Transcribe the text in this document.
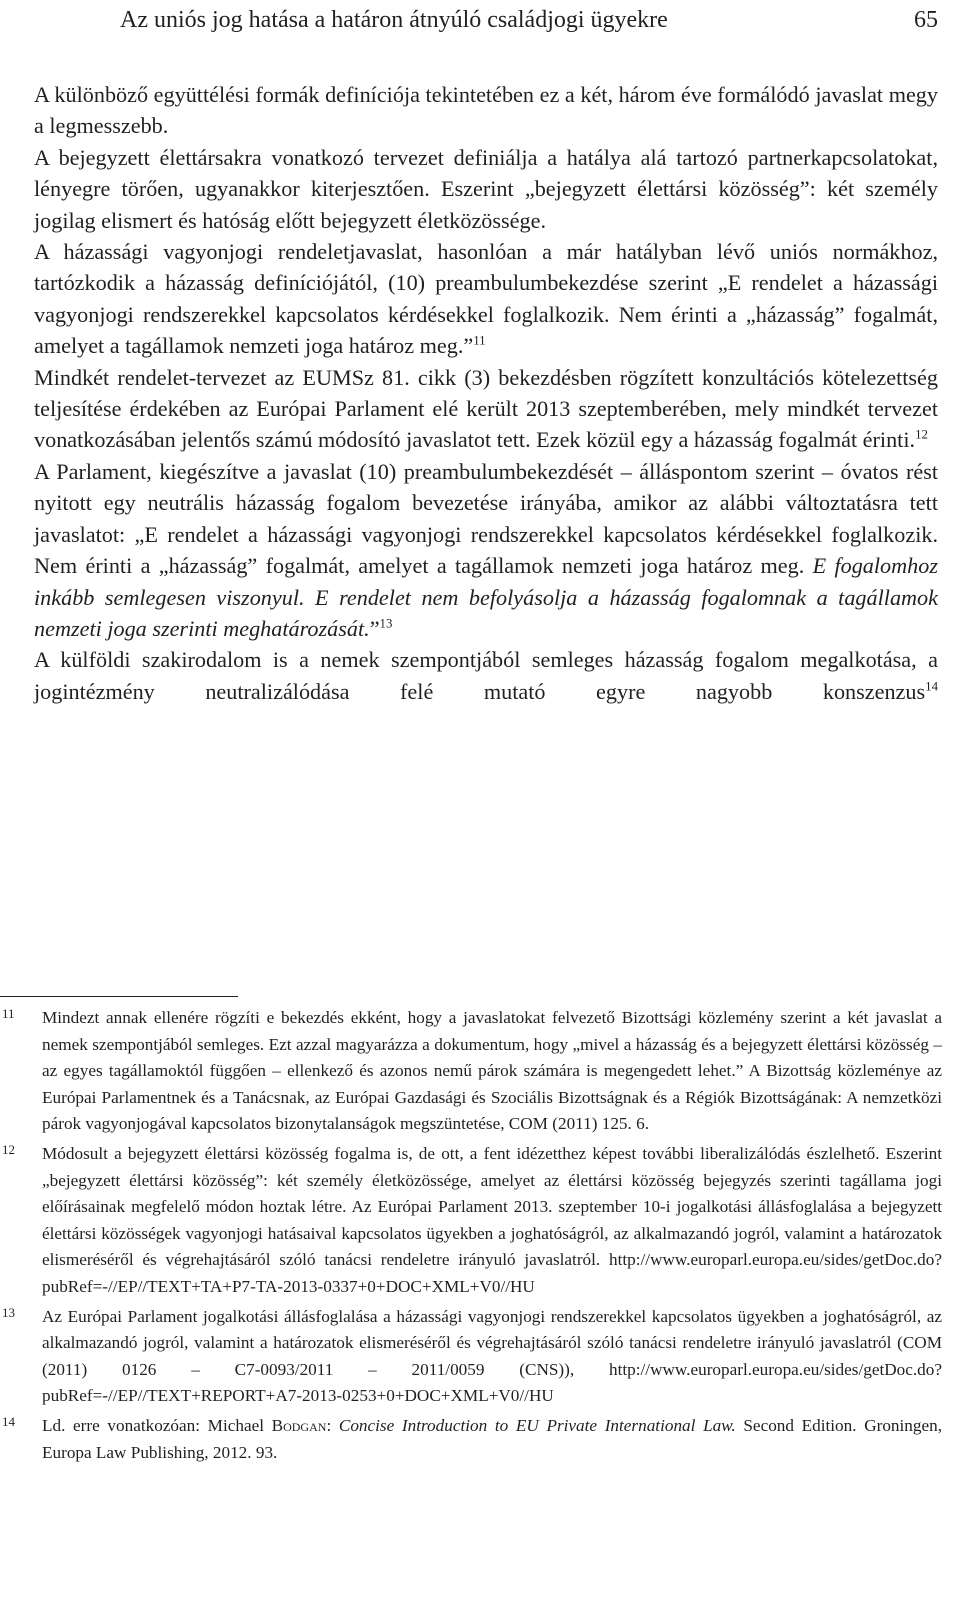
Az uniós jog hatása a határon átnyúló családjogi ügyekre	65

A különböző együttélési formák definíciója tekintetében ez a két, három éve formálódó javaslat megy a legmesszebb.

A bejegyzett élettársakra vonatkozó tervezet definiálja a hatálya alá tartozó partnerkapcsolatokat, lényegre törően, ugyanakkor kiterjesztően. Eszerint „bejegyzett élettársi közösség”: két személy jogilag elismert és hatóság előtt bejegyzett életközössége.

A házassági vagyonjogi rendeletjavaslat, hasonlóan a már hatályban lévő uniós normákhoz, tartózkodik a házasság definíciójától, (10) preambulumbekezdése szerint „E rendelet a házassági vagyonjogi rendszerekkel kapcsolatos kérdésekkel foglalkozik. Nem érinti a „házasság” fogalmát, amelyet a tagállamok nemzeti joga határoz meg.”$^{11}$

Mindkét rendelet-tervezet az EUMSz 81. cikk (3) bekezdésben rögzített konzultációs kötelezettség teljesítése érdekében az Európai Parlament elé került 2013 szeptemberében, mely mindkét tervezet vonatkozásában jelentős számú módosító javaslatot tett. Ezek közül egy a házasság fogalmát érinti.$^{12}$

A Parlament, kiegészítve a javaslat (10) preambulumbekezdését – álláspontom szerint – óvatos rést nyitott egy neutrális házasság fogalom bevezetése irányába, amikor az alábbi változtatásra tett javaslatot: „E rendelet a házassági vagyonjogi rendszerekkel kapcsolatos kérdésekkel foglalkozik. Nem érinti a „házasság” fogalmát, amelyet a tagállamok nemzeti joga határoz meg. E fogalomhoz inkább semlegesen viszonyul. E rendelet nem befolyásolja a házasság fogalomnak a tagállamok nemzeti joga szerinti meghatározását.”$^{13}$

A külföldi szakirodalom is a nemek szempontjából semleges házasság fogalom megalkotása, a jogintézmény neutralizálódása felé mutató egyre nagyobb konszenzus$^{14}$

11 Mindezt annak ellenére rögzíti e bekezdés ekként, hogy a javaslatokat felvezető Bizottsági közlemény szerint a két javaslat a nemek szempontjából semleges. Ezt azzal magyarázza a dokumentum, hogy „mivel a házasság és a bejegyzett élettársi közösség – az egyes tagállamoktól függően – ellenkező és azonos nemű párok számára is megengedett lehet.” A Bizottság közleménye az Európai Parlamentnek és a Tanácsnak, az Európai Gazdasági és Szociális Bizottságnak és a Régiók Bizottságának: A nemzetközi párok vagyonjogával kapcsolatos bizonytalanságok megszüntetése, COM (2011) 125. 6.
12 Módosult a bejegyzett élettársi közösség fogalma is, de ott, a fent idézetthez képest további liberalizálódás észlelhető. Eszerint „bejegyzett élettársi közösség”: két személy életközössége, amelyet az élettársi közösség bejegyzés szerinti tagállama jogi előírásainak megfelelő módon hoztak létre. Az Európai Parlament 2013. szeptember 10-i jogalkotási állásfoglalása a bejegyzett élettársi közösségek vagyonjogi hatásaival kapcsolatos ügyekben a joghatóságról, az alkalmazandó jogról, valamint a határozatok elismeréséről és végrehajtásáról szóló tanácsi rendeletre irányuló javaslatról. http://www.europarl.europa.eu/sides/getDoc.do?pubRef=-//EP//TEXT+TA+P7-TA-2013-0337+0+DOC+XML+V0//HU
13 Az Európai Parlament jogalkotási állásfoglalása a házassági vagyonjogi rendszerekkel kapcsolatos ügyekben a joghatóságról, az alkalmazandó jogról, valamint a határozatok elismeréséről és végrehajtásáról szóló tanácsi rendeletre irányuló javaslatról (COM (2011) 0126 – C7-0093/2011 – 2011/0059 (CNS)), http://www.europarl.europa.eu/sides/getDoc.do?pubRef=-//EP//TEXT+REPORT+A7-2013-0253+0+DOC+XML+V0//HU
14 Ld. erre vonatkozóan: Michael Bodgan: Concise Introduction to EU Private International Law. Second Edition. Groningen, Europa Law Publishing, 2012. 93.
